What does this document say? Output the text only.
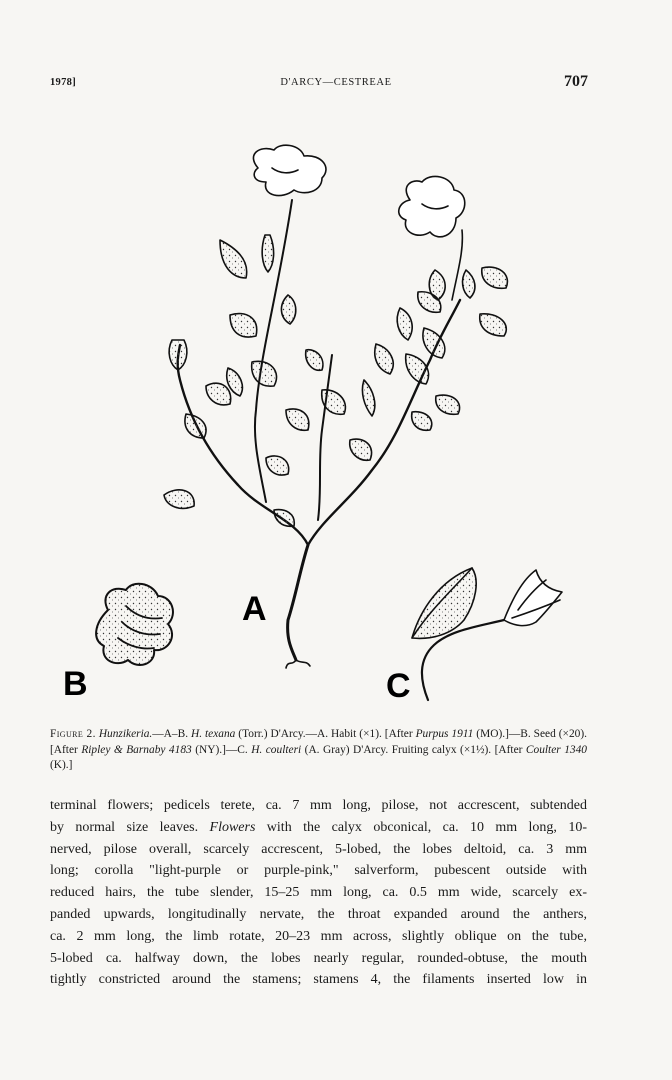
1978]	D'ARCY—CESTREAE	707
A
B	C
Figure 2. Hunzikeria.—A–B. H. texana (Torr.) D'Arcy.—A. Habit (×1). [After Purpus 1911 (MO).]—B. Seed (×20). [After Ripley & Barnaby 4183 (NY).]—C. H. coulteri (A. Gray) D'Arcy. Fruiting calyx (×1½). [After Coulter 1340 (K).]
terminal flowers; pedicels terete, ca. 7 mm long, pilose, not accrescent, subtended
by normal size leaves. Flowers with the calyx obconical, ca. 10 mm long, 10-
nerved, pilose overall, scarcely accrescent, 5-lobed, the lobes deltoid, ca. 3 mm
long; corolla "light-purple or purple-pink," salverform, pubescent outside with
reduced hairs, the tube slender, 15–25 mm long, ca. 0.5 mm wide, scarcely ex-
panded upwards, longitudinally nervate, the throat expanded around the anthers,
ca. 2 mm long, the limb rotate, 20–23 mm across, slightly oblique on the tube,
5-lobed ca. halfway down, the lobes nearly regular, rounded-obtuse, the mouth
tightly constricted around the stamens; stamens 4, the filaments inserted low in
